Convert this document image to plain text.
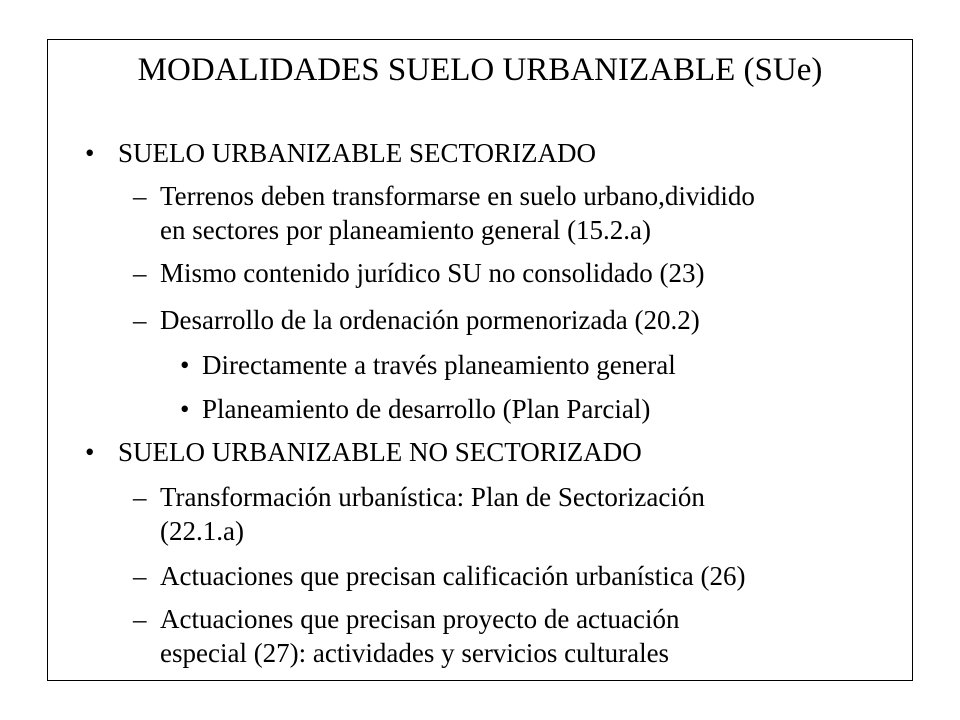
MODALIDADES SUELO URBANIZABLE (SUe)
• SUELO URBANIZABLE SECTORIZADO
– Terrenos deben transformarse en suelo urbano,dividido
en sectores por planeamiento general (15.2.a)
– Mismo contenido jurídico SU no consolidado (23)
– Desarrollo de la ordenación pormenorizada (20.2)
• Directamente a través planeamiento general
• Planeamiento de desarrollo (Plan Parcial)
• SUELO URBANIZABLE NO SECTORIZADO
– Transformación urbanística: Plan de Sectorización
(22.1.a)
– Actuaciones que precisan calificación urbanística (26)
– Actuaciones que precisan proyecto de actuación
especial (27): actividades y servicios culturales
